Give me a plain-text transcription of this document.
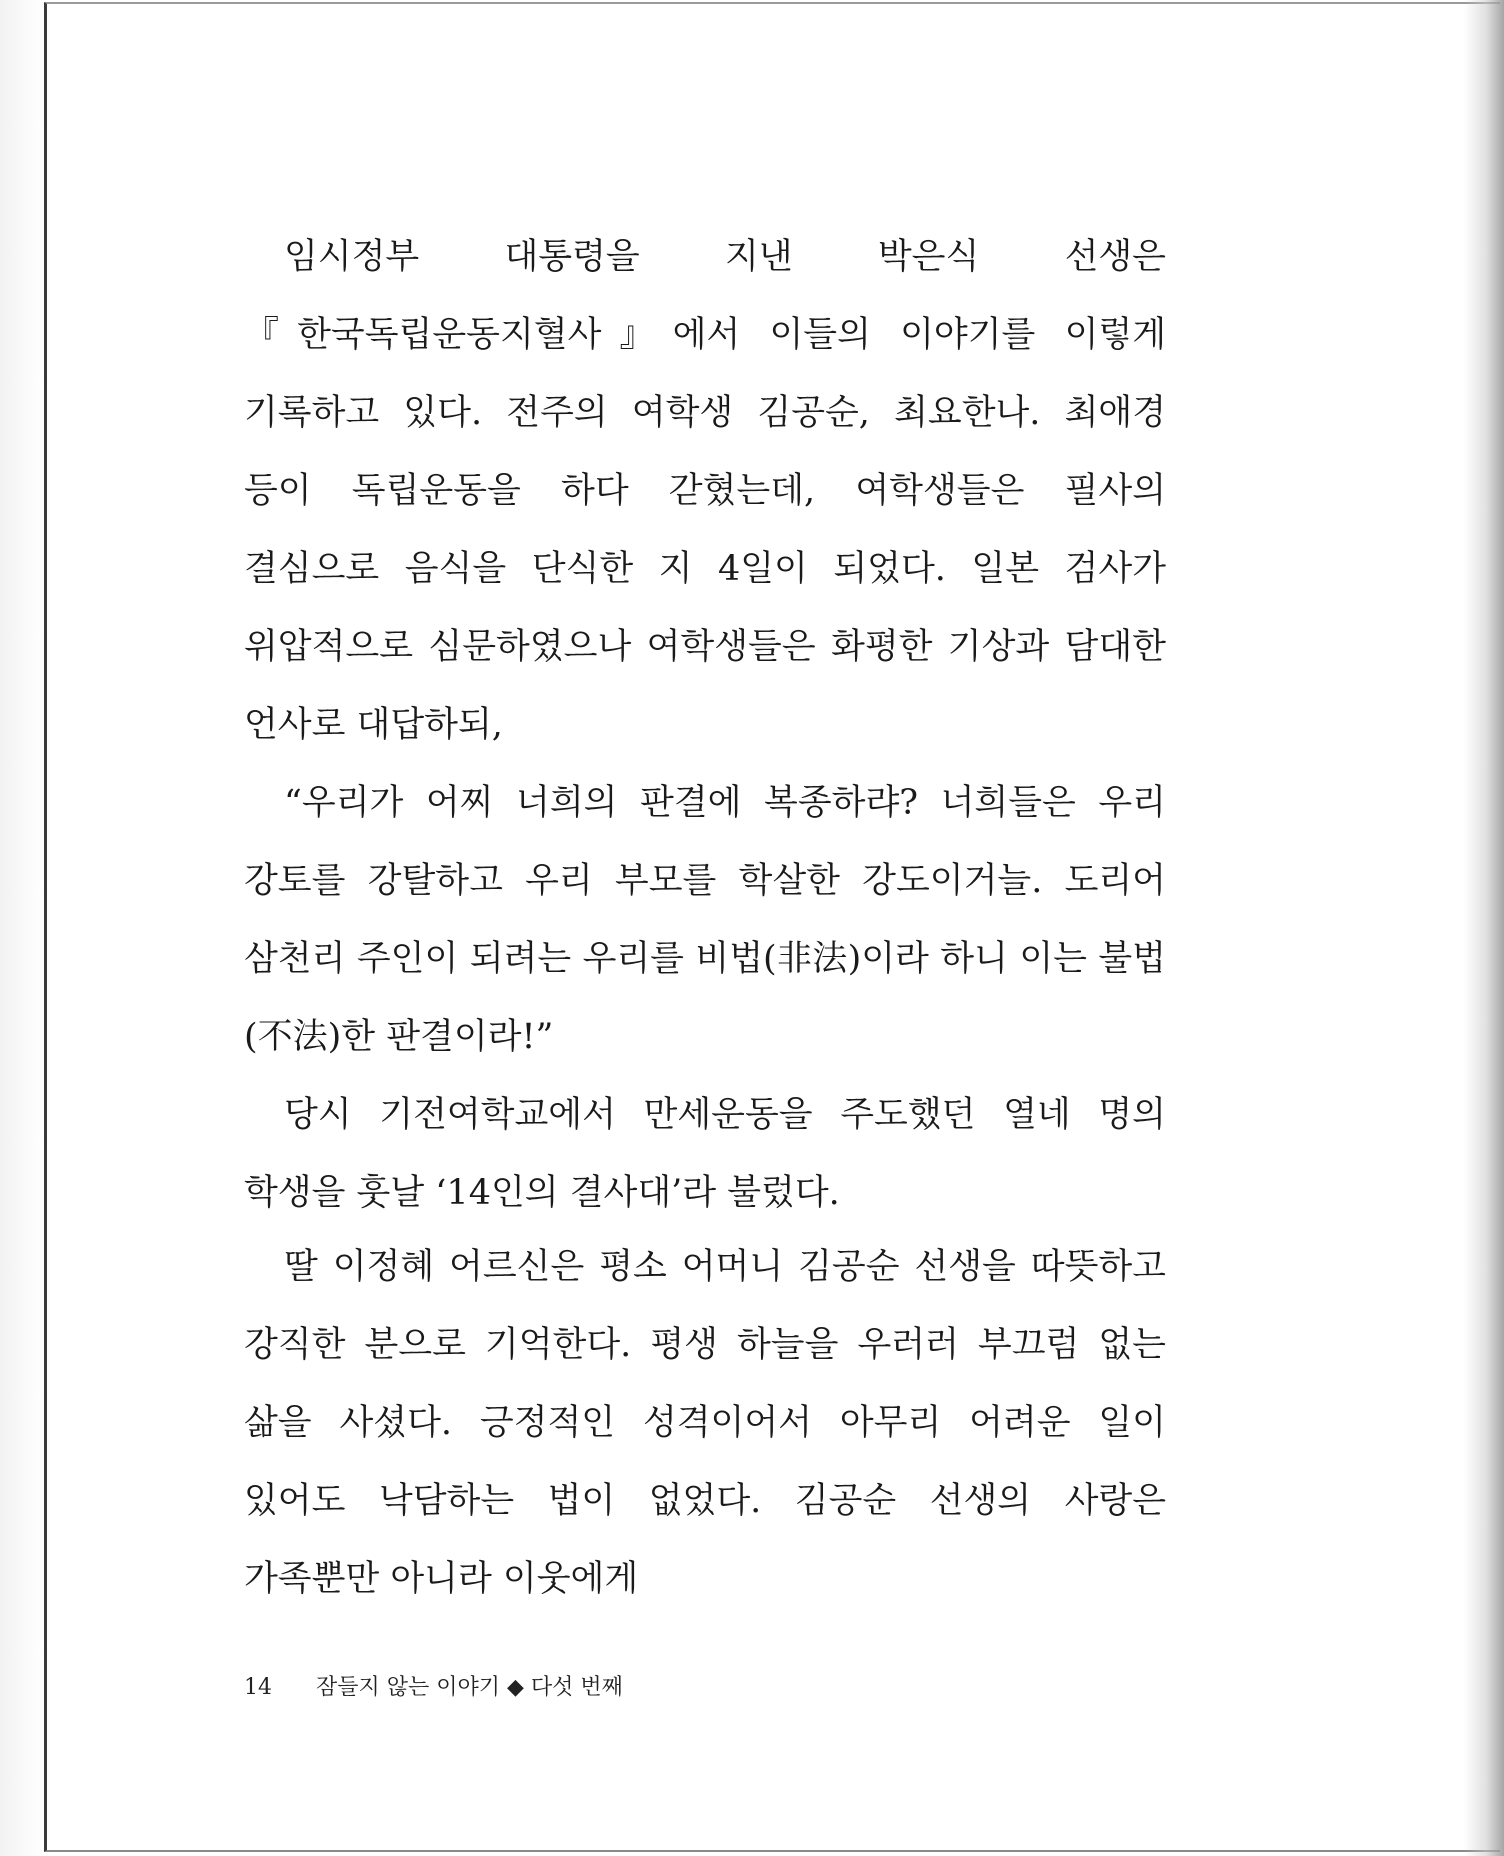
임시정부 대통령을 지낸 박은식 선생은『한국독립운동지혈사』에서 이들의 이야기를 이렇게 기록하고 있다. 전주의 여학생 김공순, 최요한나. 최애경 등이 독립운동을 하다 갇혔는데, 여학생들은 필사의 결심으로 음식을 단식한 지 4일이 되었다. 일본 검사가 위압적으로 심문하였으나 여학생들은 화평한 기상과 담대한 언사로 대답하되,

“우리가 어찌 너희의 판결에 복종하랴? 너희들은 우리 강토를 강탈하고 우리 부모를 학살한 강도이거늘. 도리어 삼천리 주인이 되려는 우리를 비법(非法)이라 하니 이는 불법(不法)한 판결이라!”

당시 기전여학교에서 만세운동을 주도했던 열네 명의 학생을 훗날 ‘14인의 결사대’라 불렀다.

딸 이정혜 어르신은 평소 어머니 김공순 선생을 따뜻하고 강직한 분으로 기억한다. 평생 하늘을 우러러 부끄럼 없는 삶을 사셨다. 긍정적인 성격이어서 아무리 어려운 일이 있어도 낙담하는 법이 없었다. 김공순 선생의 사랑은 가족뿐만 아니라 이웃에게

14 잠들지 않는 이야기 ◆ 다섯 번째
